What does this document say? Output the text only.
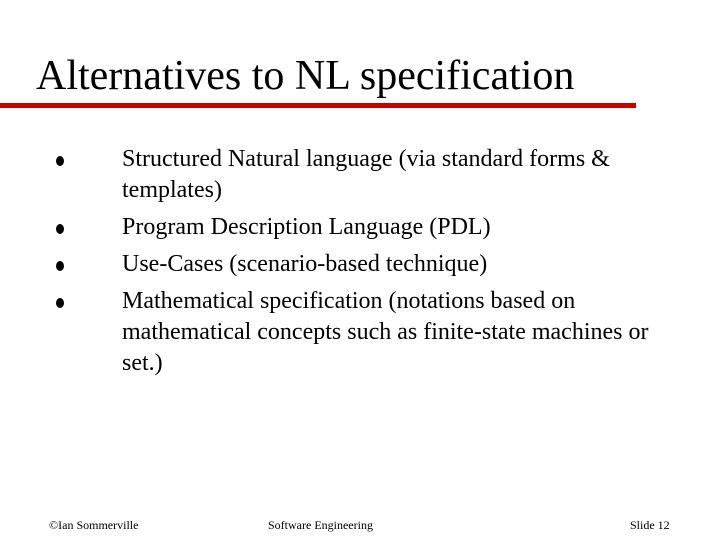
Alternatives to NL specification
Structured Natural language (via standard forms & templates)
Program Description Language (PDL)
Use-Cases (scenario-based technique)
Mathematical specification (notations based on mathematical concepts such as finite-state machines or set.)
©Ian Sommerville	Software Engineering	Slide 12
